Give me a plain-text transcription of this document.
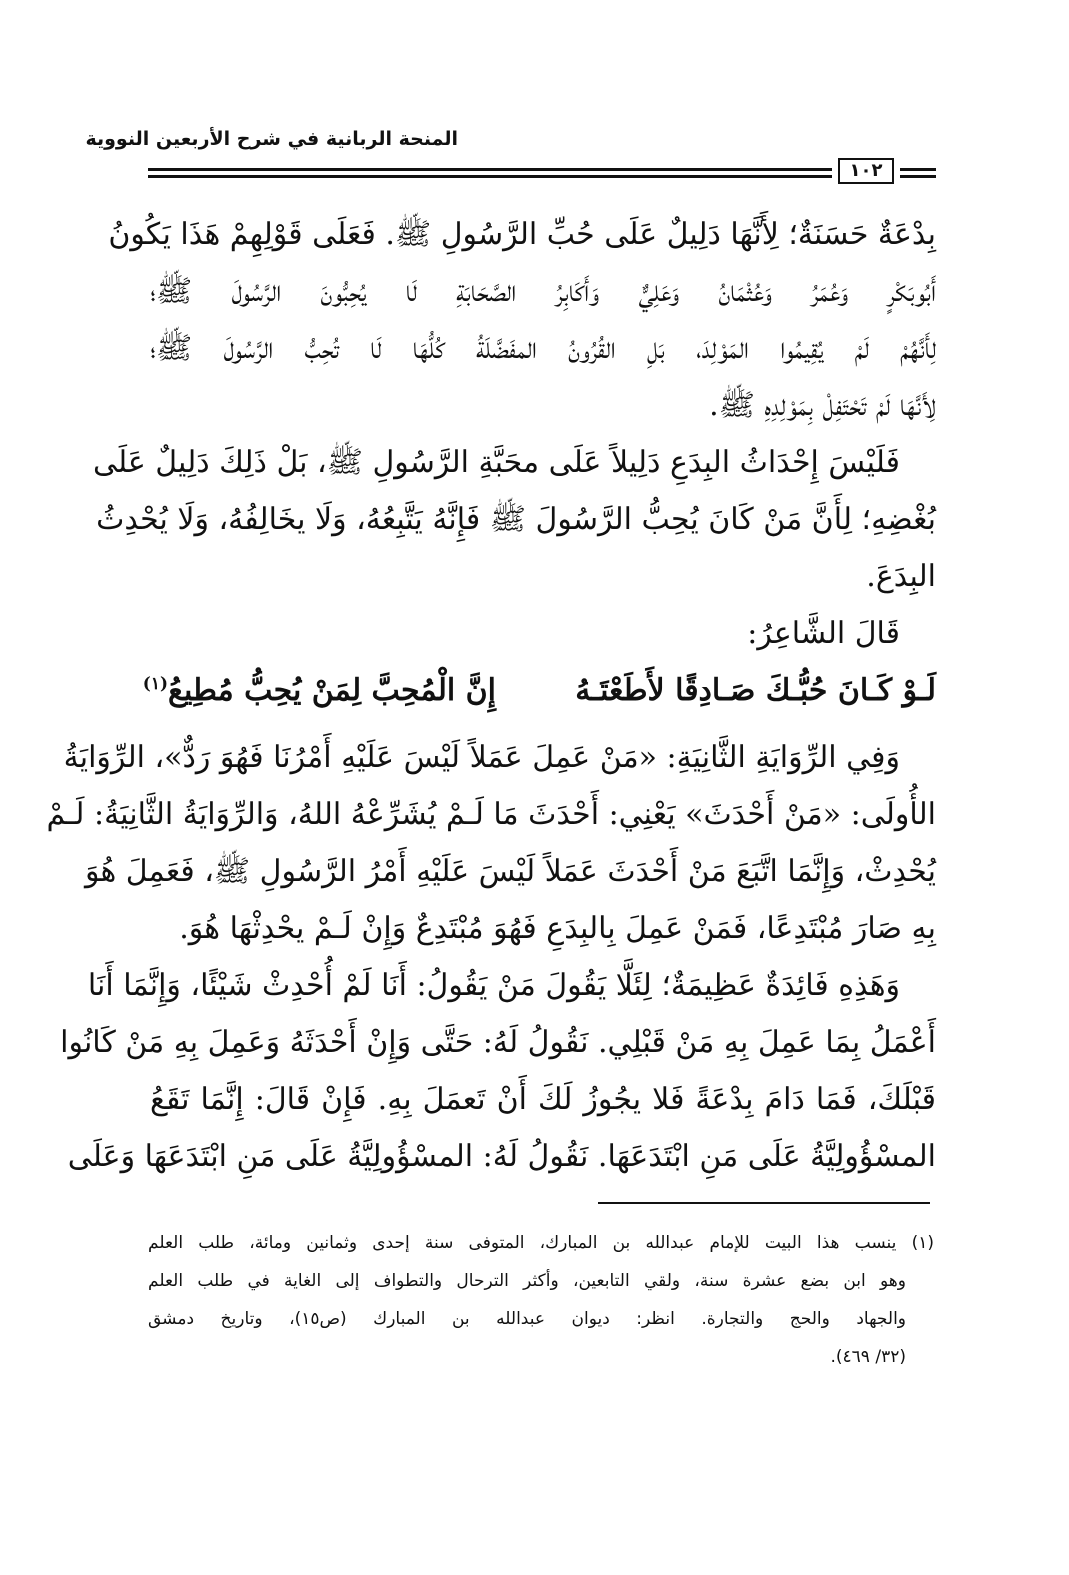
المنحة الربانية في شرح الأربعين النووية
١٠٢
بِدْعَةٌ حَسَنَةٌ؛ لِأَنَّهَا دَلِيلٌ عَلَى حُبِّ الرَّسُولِ ﷺ. فَعَلَى قَوْلِهِمْ هَذَا يَكُونُ
أَبُوبَكْرٍ وَعُمَرُ وَعُثْمَانُ وَعَلِيٌّ وَأَكَابِرُ الصَّحَابَةِ لَا يُحِبُّونَ الرَّسُولَ ﷺ؛
لِأَنَّهُمْ لَمْ يُقِيمُوا المَوْلِدَ، بَلِ القُرُونُ المفَضَّلَةُ كُلُّهَا لَا تُحِبُّ الرَّسُولَ ﷺ؛
لِأَنَّهَا لَمْ تَحْتَفِلْ بِمَوْلِدِهِ ﷺ.
فَلَيْسَ إِحْدَاثُ البِدَعِ دَلِيلاً عَلَى محَبَّةِ الرَّسُولِ ﷺ، بَلْ ذَلِكَ دَلِيلٌ عَلَى
بُغْضِهِ؛ لِأَنَّ مَنْ كَانَ يُحِبُّ الرَّسُولَ ﷺ فَإِنَّهُ يَتَّبِعُهُ، وَلَا يخَالِفُهُ، وَلَا يُحْدِثُ
البِدَعَ.
قَالَ الشَّاعِرُ:
لَـوْ كَـانَ حُبُّـكَ صَـادِقًا لأَطَعْتَـهُ
إِنَّ الْمُحِبَّ لِمَنْ يُحِبُّ مُطِيعُ$^{(١)}$
وَفِي الرِّوَايَةِ الثَّانِيَةِ: «مَنْ عَمِلَ عَمَلاً لَيْسَ عَلَيْهِ أَمْرُنَا فَهُوَ رَدٌّ»، الرِّوَايَةُ
الأُولَى: «مَنْ أَحْدَثَ» يَعْنِي: أَحْدَثَ مَا لَـمْ يُشَرِّعْهُ اللهُ، وَالرِّوَايَةُ الثَّانِيَةُ: لَـمْ
يُحْدِثْ، وَإِنَّمَا اتَّبَعَ مَنْ أَحْدَثَ عَمَلاً لَيْسَ عَلَيْهِ أَمْرُ الرَّسُولِ ﷺ، فَعَمِلَ هُوَ
بِهِ صَارَ مُبْتَدِعًا، فَمَنْ عَمِلَ بِالبِدَعِ فَهُوَ مُبْتَدِعٌ وَإِنْ لَـمْ يحْدِثْهَا هُوَ.
وَهَذِهِ فَائِدَةٌ عَظِيمَةٌ؛ لِئَلَّا يَقُولَ مَنْ يَقُولُ: أَنَا لَمْ أُحْدِثْ شَيْئًا، وَإِنَّمَا أَنَا
أَعْمَلُ بِمَا عَمِلَ بِهِ مَنْ قَبْلِي. نَقُولُ لَهُ: حَتَّى وَإِنْ أَحْدَثَهُ وَعَمِلَ بِهِ مَنْ كَانُوا
قَبْلَكَ، فَمَا دَامَ بِدْعَةً فَلا يجُوزُ لَكَ أَنْ تَعمَلَ بِهِ. فَإِنْ قَالَ: إِنَّمَا تَقَعُ
المسْؤُولِيَّةُ عَلَى مَنِ ابْتَدَعَهَا. نَقُولُ لَهُ: المسْؤُولِيَّةُ عَلَى مَنِ ابْتَدَعَهَا وَعَلَى
(١) ينسب هذا البيت للإمام عبدالله بن المبارك، المتوفى سنة إحدى وثمانين ومائة، طلب العلم
وهو ابن بضع عشرة سنة، ولقي التابعين، وأكثر الترحال والتطواف إلى الغاية في طلب العلم
والجهاد والحج والتجارة. انظر: ديوان عبدالله بن المبارك (ص١٥)، وتاريخ دمشق
(٣٢/ ٤٦٩).
